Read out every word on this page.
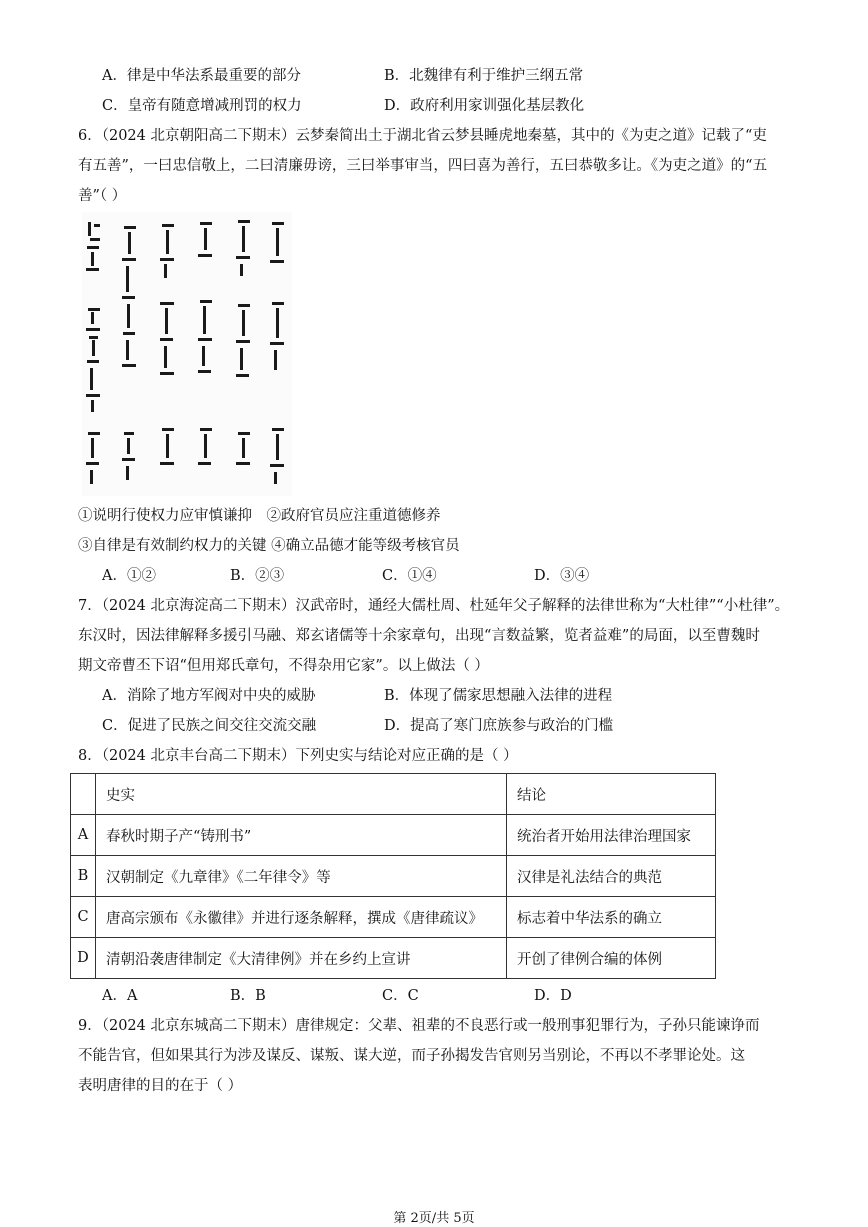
A．律是中华法系最重要的部分	B．北魏律有利于维护三纲五常
C．皇帝有随意增减刑罚的权力	D．政府利用家训强化基层教化
6．（2024 北京朝阳高二下期末）云梦秦简出土于湖北省云梦县睡虎地秦墓，其中的《为吏之道》记载了“吏
有五善”，一曰忠信敬上，二曰清廉毋谤，三曰举事审当，四曰喜为善行，五曰恭敬多让。《为吏之道》的“五
善”（ ）
①说明行使权力应审慎谦抑　②政府官员应注重道德修养
③自律是有效制约权力的关键 ④确立品德才能等级考核官员
A．①②	B．②③	C．①④	D．③④
7．（2024 北京海淀高二下期末）汉武帝时，通经大儒杜周、杜延年父子解释的法律世称为“大杜律”“小杜律”。
东汉时，因法律解释多援引马融、郑玄诸儒等十余家章句，出现“言数益繁，览者益难”的局面，以至曹魏时
期文帝曹丕下诏“但用郑氏章句，不得杂用它家”。以上做法（ ）
A．消除了地方军阀对中央的威胁	B．体现了儒家思想融入法律的进程
C．促进了民族之间交往交流交融	D．提高了寒门庶族参与政治的门槛
8．（2024 北京丰台高二下期末）下列史实与结论对应正确的是（ ）
	史实	结论
A	春秋时期子产“铸刑书”	统治者开始用法律治理国家
B	汉朝制定《九章律》《二年律令》等	汉律是礼法结合的典范
C	唐高宗颁布《永徽律》并进行逐条解释，撰成《唐律疏议》	标志着中华法系的确立
D	清朝沿袭唐律制定《大清律例》并在乡约上宣讲	开创了律例合编的体例
A．A	B．B	C．C	D．D
9．（2024 北京东城高二下期末）唐律规定：父辈、祖辈的不良恶行或一般刑事犯罪行为，子孙只能谏诤而
不能告官，但如果其行为涉及谋反、谋叛、谋大逆，而子孙揭发告官则另当别论，不再以不孝罪论处。这
表明唐律的目的在于（ ）
第 2页/共 5页
